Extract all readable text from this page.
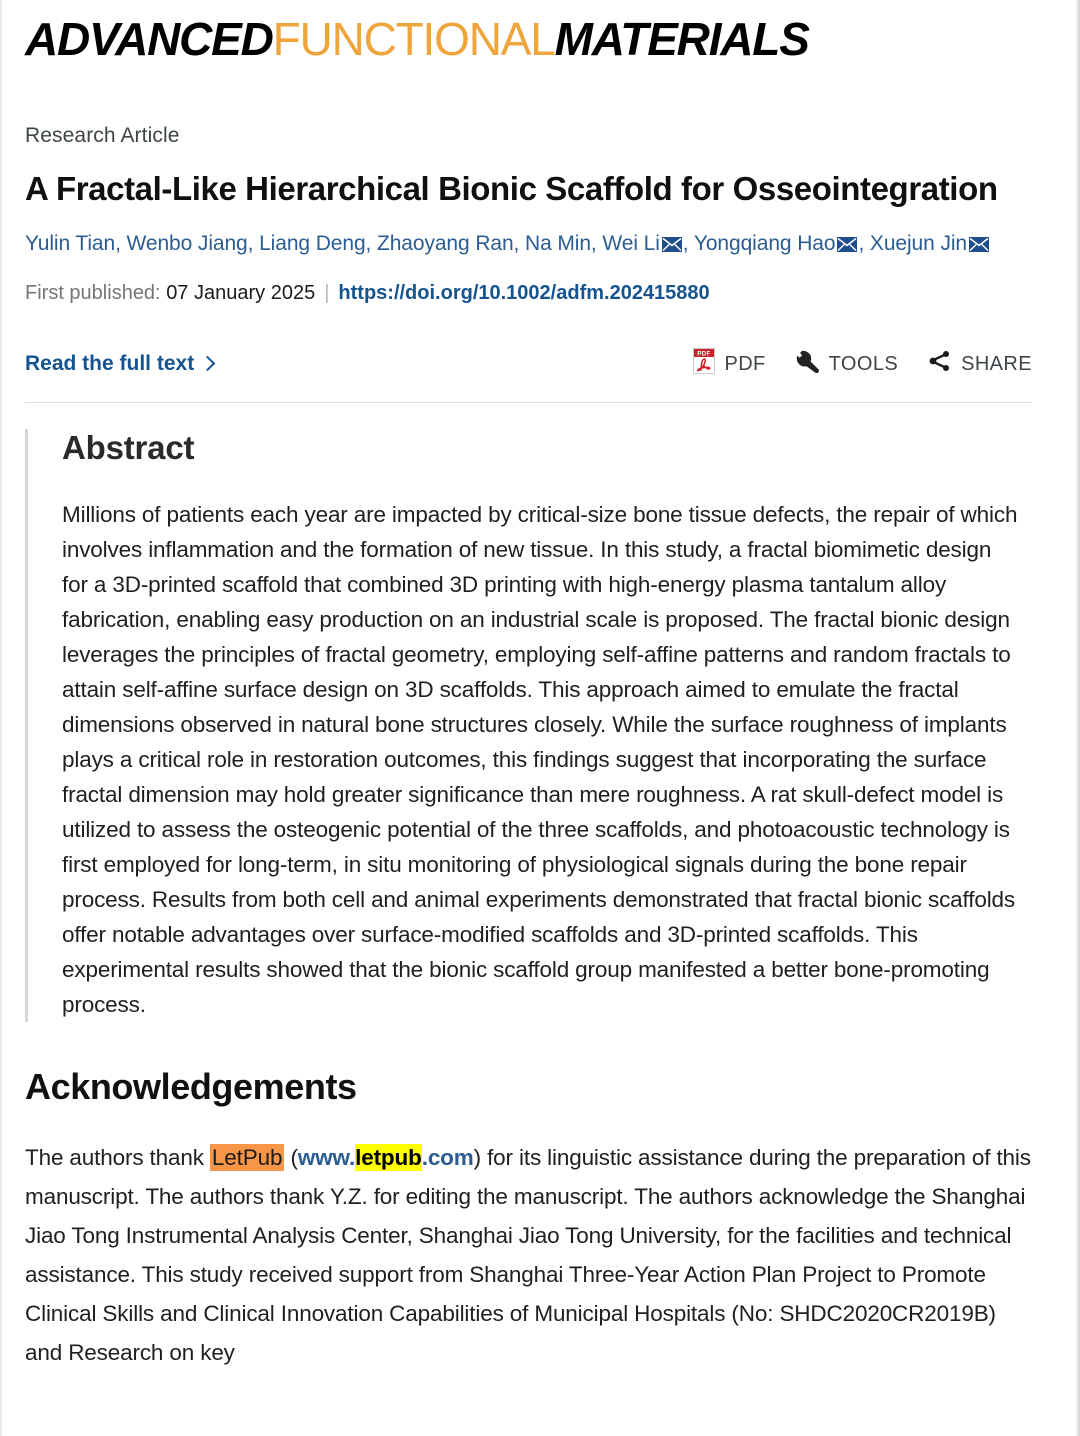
ADVANCEDFUNCTIONALMATERIALS
Research Article
A Fractal-Like Hierarchical Bionic Scaffold for Osseointegration
Yulin Tian, Wenbo Jiang, Liang Deng, Zhaoyang Ran, Na Min, Wei Li , Yongqiang Hao , Xuejun Jin
First published: 07 January 2025 | https://doi.org/10.1002/adfm.202415880
Read the full text	PDF PDF	TOOLS	SHARE
Abstract

Millions of patients each year are impacted by critical-size bone tissue defects, the repair of which involves inflammation and the formation of new tissue. In this study, a fractal biomimetic design for a 3D-printed scaffold that combined 3D printing with high-energy plasma tantalum alloy fabrication, enabling easy production on an industrial scale is proposed. The fractal bionic design leverages the principles of fractal geometry, employing self-affine patterns and random fractals to attain self-affine surface design on 3D scaffolds. This approach aimed to emulate the fractal dimensions observed in natural bone structures closely. While the surface roughness of implants plays a critical role in restoration outcomes, this findings suggest that incorporating the surface fractal dimension may hold greater significance than mere roughness. A rat skull-defect model is utilized to assess the osteogenic potential of the three scaffolds, and photoacoustic technology is first employed for long-term, in situ monitoring of physiological signals during the bone repair process. Results from both cell and animal experiments demonstrated that fractal bionic scaffolds offer notable advantages over surface-modified scaffolds and 3D-printed scaffolds. This experimental results showed that the bionic scaffold group manifested a better bone-promoting process.

Acknowledgements
The authors thank LetPub (www.letpub.com) for its linguistic assistance during the preparation of this manuscript. The authors thank Y.Z. for editing the manuscript. The authors acknowledge the Shanghai Jiao Tong Instrumental Analysis Center, Shanghai Jiao Tong University, for the facilities and technical assistance. This study received support from Shanghai Three-Year Action Plan Project to Promote Clinical Skills and Clinical Innovation Capabilities of Municipal Hospitals (No: SHDC2020CR2019B) and Research on key
